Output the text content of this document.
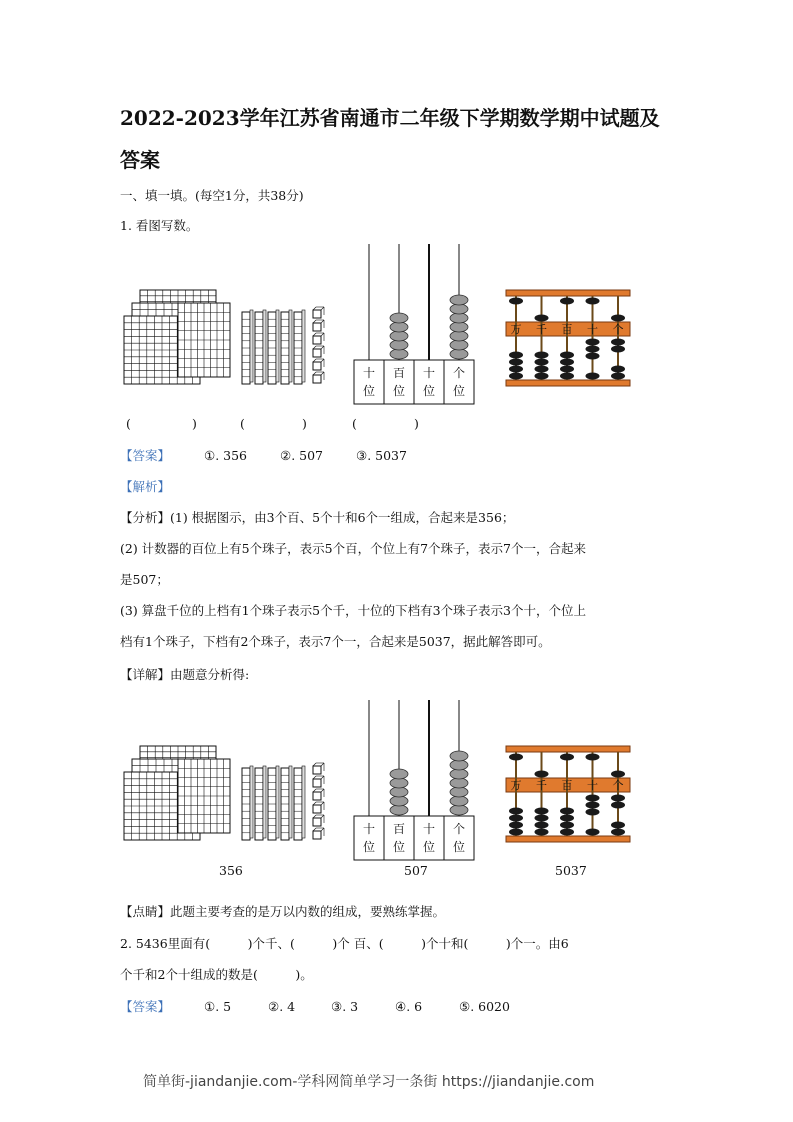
2022-2023学年江苏省南通市二年级下学期数学期中试题及
答案
一、填一填。(每空1分，共38分)
1. 看图写数。
十
位
百
位
十
位
个
位
万 千 百 十 个
(	)	(	)	(	)
【答案】	①. 356	②. 507	③. 5037
【解析】
【分析】(1) 根据图示，由3个百、5个十和6个一组成，合起来是356；
(2) 计数器的百位上有5个珠子，表示5个百，个位上有7个珠子，表示7个一，合起来
是507；
(3) 算盘千位的上档有1个珠子表示5个千，十位的下档有3个珠子表示3个十，个位上
档有1个珠子，下档有2个珠子，表示7个一，合起来是5037，据此解答即可。
【详解】由题意分析得:
十
位
百
位
十
位
个
位
万 千 百 十 个
356	507	5037
【点睛】此题主要考查的是万以内数的组成，要熟练掌握。
2. 5436里面有(　　　)个千、(　　　)个 百、(　　　)个十和(　　　)个一。由6
个千和2个十组成的数是(　　　)。
【答案】	①. 5	②. 4	③. 3	④. 6	⑤. 6020
简单街-jiandanjie.com-学科网简单学习一条街 https://jiandanjie.com
